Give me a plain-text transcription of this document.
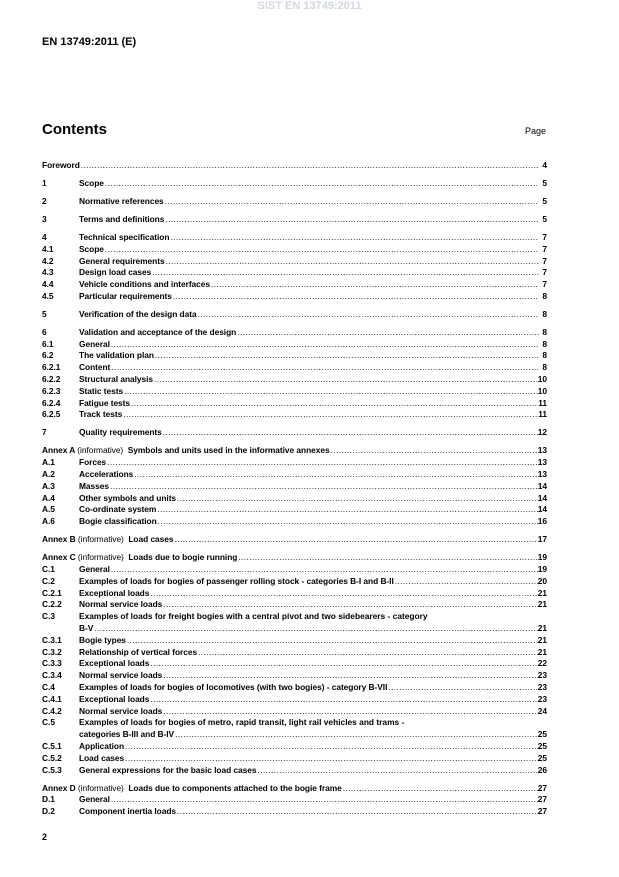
SIST EN 13749:2011
EN 13749:2011 (E)
Contents	Page
Foreword .....	4
1	Scope .....	5
2	Normative references .....	5
3	Terms and definitions .....	5
4	Technical specification .....	7
4.1	Scope .....	7
4.2	General requirements .....	7
4.3	Design load cases .....	7
4.4	Vehicle conditions and interfaces .....	7
4.5	Particular requirements .....	8
5	Verification of the design data .....	8
6	Validation and acceptance of the design .....	8
6.1	General .....	8
6.2	The validation plan .....	8
6.2.1	Content .....	8
6.2.2	Structural analysis .....	10
6.2.3	Static tests .....	10
6.2.4	Fatigue tests .....	11
6.2.5	Track tests .....	11
7	Quality requirements .....	12
Annex A (informative) Symbols and units used in the informative annexes .....	13
A.1	Forces .....	13
A.2	Accelerations .....	13
A.3	Masses .....	14
A.4	Other symbols and units .....	14
A.5	Co-ordinate system .....	14
A.6	Bogie classification .....	16
Annex B (informative) Load cases .....	17
Annex C (informative) Loads due to bogie running .....	19
C.1	General .....	19
C.2	Examples of loads for bogies of passenger rolling stock - categories B-I and B-II .....	20
C.2.1	Exceptional loads .....	21
C.2.2	Normal service loads .....	21
C.3	Examples of loads for freight bogies with a central pivot and two sidebearers - category
B-V .....	21
C.3.1	Bogie types .....	21
C.3.2	Relationship of vertical forces .....	21
C.3.3	Exceptional loads .....	22
C.3.4	Normal service loads .....	23
C.4	Examples of loads for bogies of locomotives (with two bogies) - category B-VII .....	23
C.4.1	Exceptional loads .....	23
C.4.2	Normal service loads .....	24
C.5	Examples of loads for bogies of metro, rapid transit, light rail vehicles and trams -
categories B-III and B-IV .....	25
C.5.1	Application .....	25
C.5.2	Load cases .....	25
C.5.3	General expressions for the basic load cases .....	26
Annex D (informative) Loads due to components attached to the bogie frame .....	27
D.1	General .....	27
D.2	Component inertia loads .....	27
2
